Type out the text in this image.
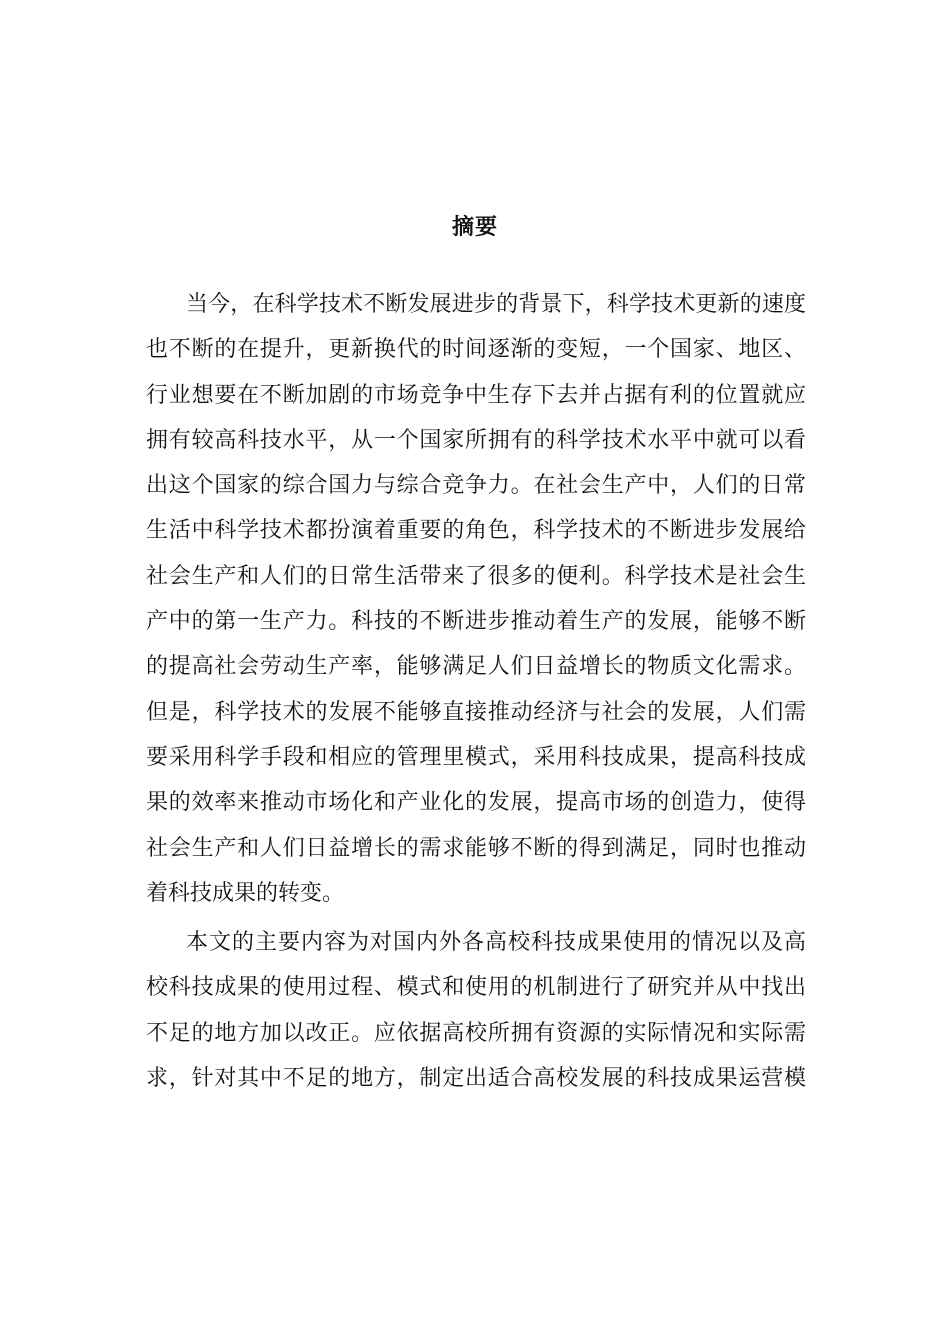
摘要
当今，在科学技术不断发展进步的背景下，科学技术更新的速度
也不断的在提升，更新换代的时间逐渐的变短，一个国家、地区、
行业想要在不断加剧的市场竞争中生存下去并占据有利的位置就应
拥有较高科技水平，从一个国家所拥有的科学技术水平中就可以看
出这个国家的综合国力与综合竞争力。在社会生产中，人们的日常
生活中科学技术都扮演着重要的角色，科学技术的不断进步发展给
社会生产和人们的日常生活带来了很多的便利。科学技术是社会生
产中的第一生产力。科技的不断进步推动着生产的发展，能够不断
的提高社会劳动生产率，能够满足人们日益增长的物质文化需求。
但是，科学技术的发展不能够直接推动经济与社会的发展，人们需
要采用科学手段和相应的管理里模式，采用科技成果，提高科技成
果的效率来推动市场化和产业化的发展，提高市场的创造力，使得
社会生产和人们日益增长的需求能够不断的得到满足，同时也推动
着科技成果的转变。
本文的主要内容为对国内外各高校科技成果使用的情况以及高
校科技成果的使用过程、模式和使用的机制进行了研究并从中找出
不足的地方加以改正。应依据高校所拥有资源的实际情况和实际需
求，针对其中不足的地方，制定出适合高校发展的科技成果运营模
